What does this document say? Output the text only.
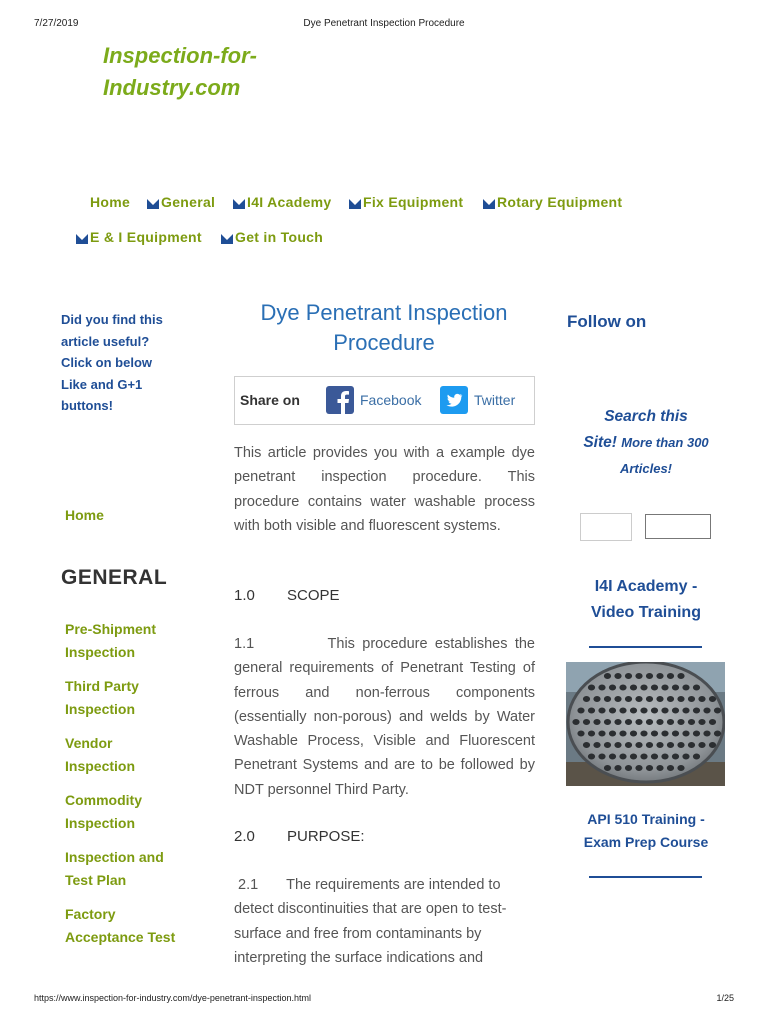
7/27/2019	Dye Penetrant Inspection Procedure
Inspection-for-
Industry.com
Home General I4I Academy Fix Equipment Rotary Equipment
E & I Equipment Get in Touch
Did you find this
article useful?
Click on below
Like and G+1
buttons!
Home
GENERAL
Pre-Shipment
Inspection
Third Party
Inspection
Vendor
Inspection
Commodity
Inspection
Inspection and
Test Plan
Factory
Acceptance Test
Dye Penetrant Inspection
Procedure
Share on	Facebook	Twitter

This article provides you with a example dye penetrant inspection procedure. This procedure contains water washable process with both visible and fluorescent systems.

1.0 SCOPE

1.1          This procedure establishes the general requirements of Penetrant Testing of ferrous and non-ferrous components (essentially non-porous) and welds by Water Washable Process, Visible and Fluorescent Penetrant Systems and are to be followed by NDT personnel Third Party.

2.0 PURPOSE:

2.1       The requirements are intended to detect discontinuities that are open to test-surface and free from contaminants by interpreting the surface indications and

Follow on
Search this
Site! More than 300
Articles!
I4I Academy -
Video Training
API 510 Training -
Exam Prep Course
https://www.inspection-for-industry.com/dye-penetrant-inspection.html	1/25
